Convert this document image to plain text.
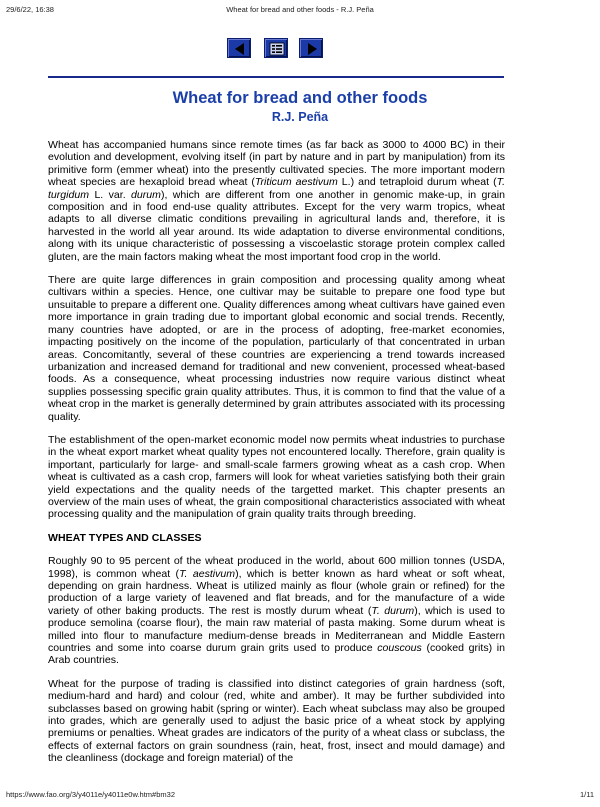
29/6/22, 16:38	Wheat for bread and other foods - R.J. Peña
Wheat for bread and other foods
R.J. Peña

Wheat has accompanied humans since remote times (as far back as 3000 to 4000 BC) in their evolution and development, evolving itself (in part by nature and in part by manipulation) from its primitive form (emmer wheat) into the presently cultivated species. The more important modern wheat species are hexaploid bread wheat (Triticum aestivum L.) and tetraploid durum wheat (T. turgidum L. var. durum), which are different from one another in genomic make-up, in grain composition and in food end-use quality attributes. Except for the very warm tropics, wheat adapts to all diverse climatic conditions prevailing in agricultural lands and, therefore, it is harvested in the world all year around. Its wide adaptation to diverse environmental conditions, along with its unique characteristic of possessing a viscoelastic storage protein complex called gluten, are the main factors making wheat the most important food crop in the world.

There are quite large differences in grain composition and processing quality among wheat cultivars within a species. Hence, one cultivar may be suitable to prepare one food type but unsuitable to prepare a different one. Quality differences among wheat cultivars have gained even more importance in grain trading due to important global economic and social trends. Recently, many countries have adopted, or are in the process of adopting, free-market economies, impacting positively on the income of the population, particularly of that concentrated in urban areas. Concomitantly, several of these countries are experiencing a trend towards increased urbanization and increased demand for traditional and new convenient, processed wheat-based foods. As a consequence, wheat processing industries now require various distinct wheat supplies possessing specific grain quality attributes. Thus, it is common to find that the value of a wheat crop in the market is generally determined by grain attributes associated with its processing quality.

The establishment of the open-market economic model now permits wheat industries to purchase in the wheat export market wheat quality types not encountered locally. Therefore, grain quality is important, particularly for large- and small-scale farmers growing wheat as a cash crop. When wheat is cultivated as a cash crop, farmers will look for wheat varieties satisfying both their grain yield expectations and the quality needs of the targetted market. This chapter presents an overview of the main uses of wheat, the grain compositional characteristics associated with wheat processing quality and the manipulation of grain quality traits through breeding.

WHEAT TYPES AND CLASSES

Roughly 90 to 95 percent of the wheat produced in the world, about 600 million tonnes (USDA, 1998), is common wheat (T. aestivum), which is better known as hard wheat or soft wheat, depending on grain hardness. Wheat is utilized mainly as flour (whole grain or refined) for the production of a large variety of leavened and flat breads, and for the manufacture of a wide variety of other baking products. The rest is mostly durum wheat (T. durum), which is used to produce semolina (coarse flour), the main raw material of pasta making. Some durum wheat is milled into flour to manufacture medium-dense breads in Mediterranean and Middle Eastern countries and some into coarse durum grain grits used to produce couscous (cooked grits) in Arab countries.

Wheat for the purpose of trading is classified into distinct categories of grain hardness (soft, medium-hard and hard) and colour (red, white and amber). It may be further subdivided into subclasses based on growing habit (spring or winter). Each wheat subclass may also be grouped into grades, which are generally used to adjust the basic price of a wheat stock by applying premiums or penalties. Wheat grades are indicators of the purity of a wheat class or subclass, the effects of external factors on grain soundness (rain, heat, frost, insect and mould damage) and the cleanliness (dockage and foreign material) of the

https://www.fao.org/3/y4011e/y4011e0w.htm#bm32	1/11
